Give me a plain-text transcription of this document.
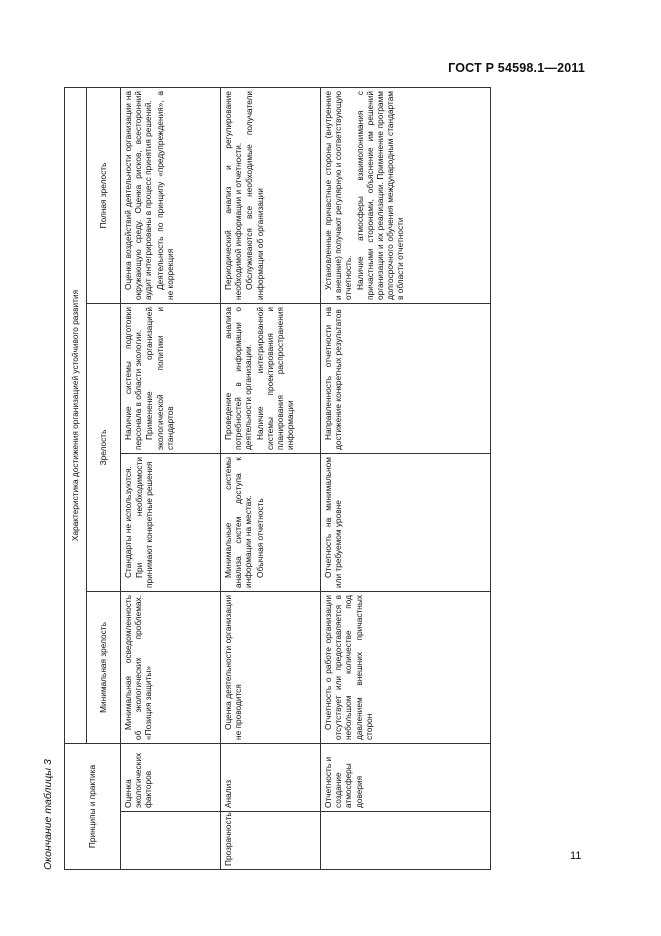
ГОСТ Р 54598.1—2011
Окончание таблицы 3	Принципы и практика		Характеристика достижения организацией устойчивого развития			
		Минимальная зрелость	Зрелость		Полная зрелость
	Оценка экологических факторов	Минимальная осведомленность об экологических проблемах. «Позиция защиты»	Стандарты не используются. При необходимости принимают конкретные решения	Наличие системы подготовки персонала в области экологии. Применение организацией экологической политики и стандартов	Оценка воздействий деятельности организации на окружающую среду. Оценка рисков, всесторонний аудит интегрированы в процесс принятия решений. Деятельность по принципу «предупреждения», а не коррекция

Прозрачность	Анализ	Оценка деятельности организации не проводится	Минимальные системы анализа систем доступа к информации на местах. Обычная отчетность	Проведение анализа потребностей в информации о деятельности организации. Наличие интегрированной системы проектирования и планирования распространения информации	Периодический анализ и регулирование необходимой информации и отчетности. Обслуживаются все необходимые получатели информации об организации

	Отчетность и создание атмосферы доверия	Отчетность о работе организации отсутствует или предоставляется в небольшом количестве под давлением внешних причастных сторон	Отчетность на минимальном или требуемом уровне	Направленность отчетности на достижение конкретных результатов	Установленные причастные стороны (внутренние и внешние) получают регулярную и соответствующую отчетность. Наличие атмосферы взаимопонимания с причастными сторонами, объяснение им решений организации и их реализации. Применение программ долгосрочного обучения международным стандартам в области отчетности
11
